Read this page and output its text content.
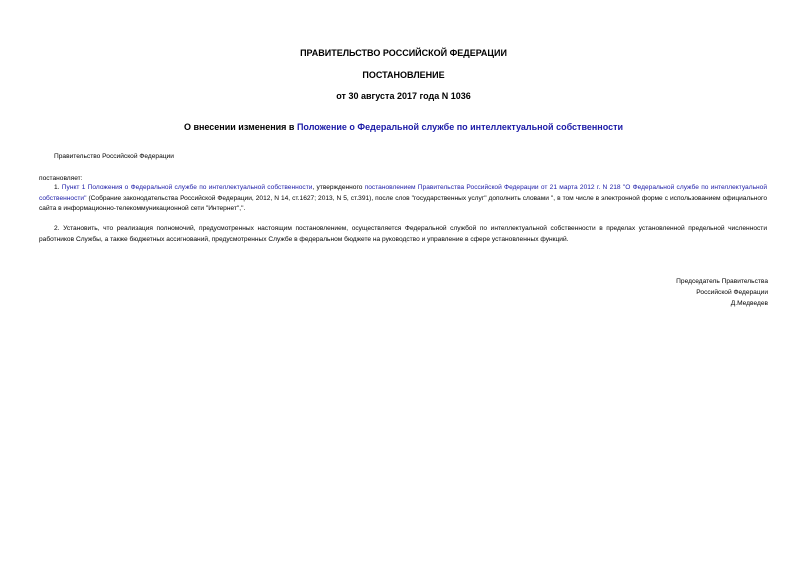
ПРАВИТЕЛЬСТВО РОССИЙСКОЙ ФЕДЕРАЦИИ
ПОСТАНОВЛЕНИЕ
от 30 августа 2017 года N 1036
О внесении изменения в Положение о Федеральной службе по интеллектуальной собственности
Правительство Российской Федерации
постановляет:
1. Пункт 1 Положения о Федеральной службе по интеллектуальной собственности, утвержденного постановлением Правительства Российской Федерации от 21 марта 2012 г. N 218 "О Федеральной службе по интеллектуальной собственности" (Собрание законодательства Российской Федерации, 2012, N 14, ст.1627; 2013, N 5, ст.391), после слов "государственных услуг" дополнить словами ", в том числе в электронной форме с использованием официального сайта в информационно-телекоммуникационной сети "Интернет",".
2. Установить, что реализация полномочий, предусмотренных настоящим постановлением, осуществляется Федеральной службой по интеллектуальной собственности в пределах установленной предельной численности работников Службы, а также бюджетных ассигнований, предусмотренных Службе в федеральном бюджете на руководство и управление в сфере установленных функций.
Председатель Правительства
Российской Федерации
Д.Медведев
